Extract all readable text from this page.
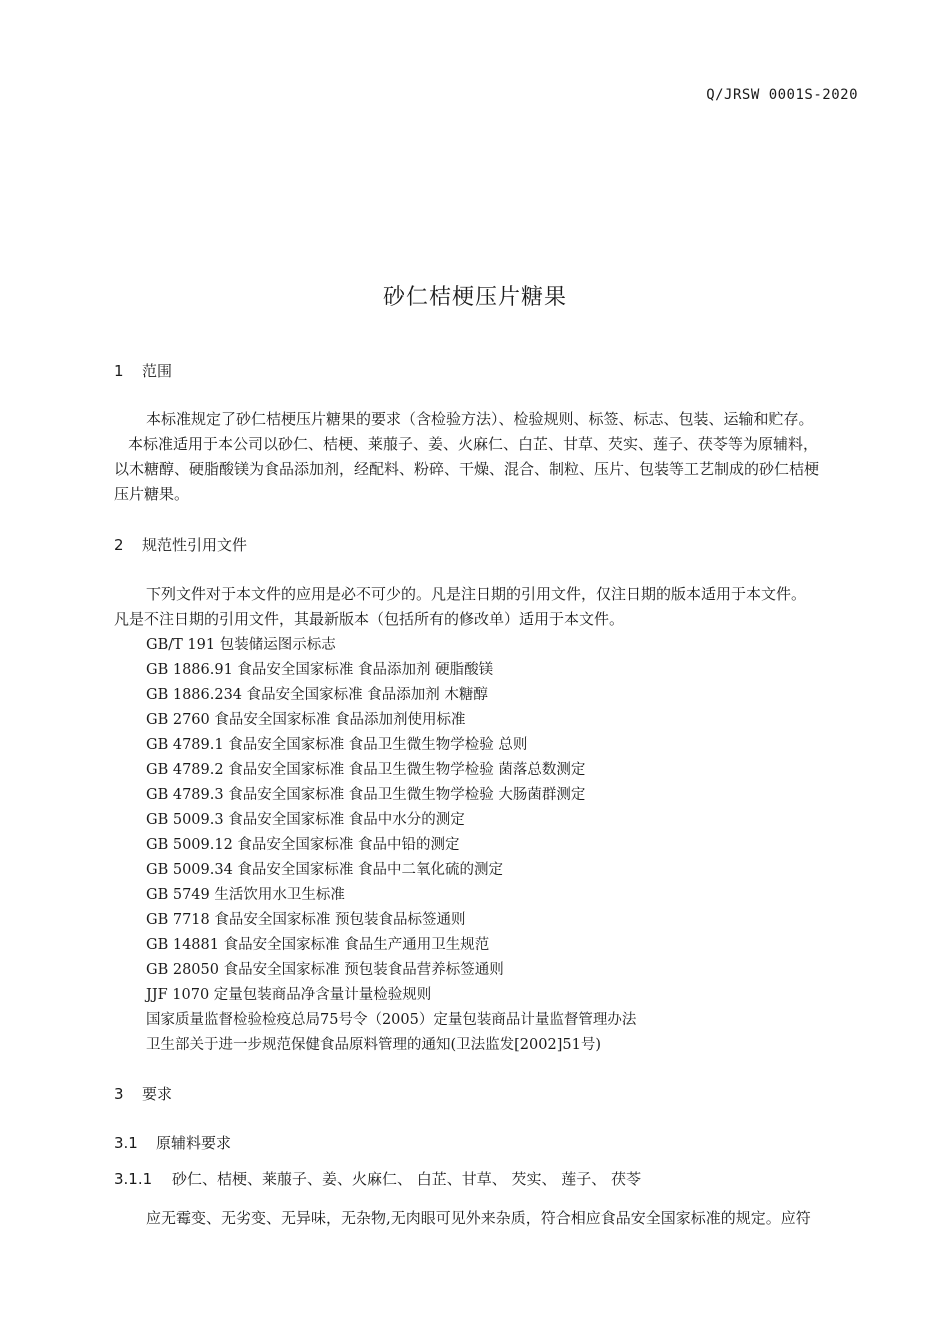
Q/JRSW 0001S-2020
砂仁桔梗压片糖果
1 范围
本标准规定了砂仁桔梗压片糖果的要求（含检验方法）、检验规则、标签、标志、包装、运输和贮存。
本标准适用于本公司以砂仁、桔梗、莱菔子、姜、火麻仁、白芷、甘草、芡实、莲子、茯苓等为原辅料，
以木糖醇、硬脂酸镁为食品添加剂，经配料、粉碎、干燥、混合、制粒、压片、包装等工艺制成的砂仁桔梗
压片糖果。
2 规范性引用文件
下列文件对于本文件的应用是必不可少的。凡是注日期的引用文件，仅注日期的版本适用于本文件。
凡是不注日期的引用文件，其最新版本（包括所有的修改单）适用于本文件。
GB/T 191 包装储运图示标志
GB 1886.91 食品安全国家标准 食品添加剂 硬脂酸镁
GB 1886.234 食品安全国家标准 食品添加剂 木糖醇
GB 2760 食品安全国家标准 食品添加剂使用标准
GB 4789.1 食品安全国家标准 食品卫生微生物学检验 总则
GB 4789.2 食品安全国家标准 食品卫生微生物学检验 菌落总数测定
GB 4789.3 食品安全国家标准 食品卫生微生物学检验 大肠菌群测定
GB 5009.3 食品安全国家标准 食品中水分的测定
GB 5009.12 食品安全国家标准 食品中铅的测定
GB 5009.34 食品安全国家标准 食品中二氧化硫的测定
GB 5749 生活饮用水卫生标准
GB 7718 食品安全国家标准 预包装食品标签通则
GB 14881 食品安全国家标准 食品生产通用卫生规范
GB 28050 食品安全国家标准 预包装食品营养标签通则
JJF 1070 定量包装商品净含量计量检验规则
国家质量监督检验检疫总局75号令（2005）定量包装商品计量监督管理办法
卫生部关于进一步规范保健食品原料管理的通知(卫法监发[2002]51号)
3 要求
3.1 原辅料要求
3.1.1 砂仁、桔梗、莱菔子、姜、火麻仁、 白芷、甘草、 芡实、 莲子、 茯苓
应无霉变、无劣变、无异味，无杂物,无肉眼可见外来杂质，符合相应食品安全国家标准的规定。应符
